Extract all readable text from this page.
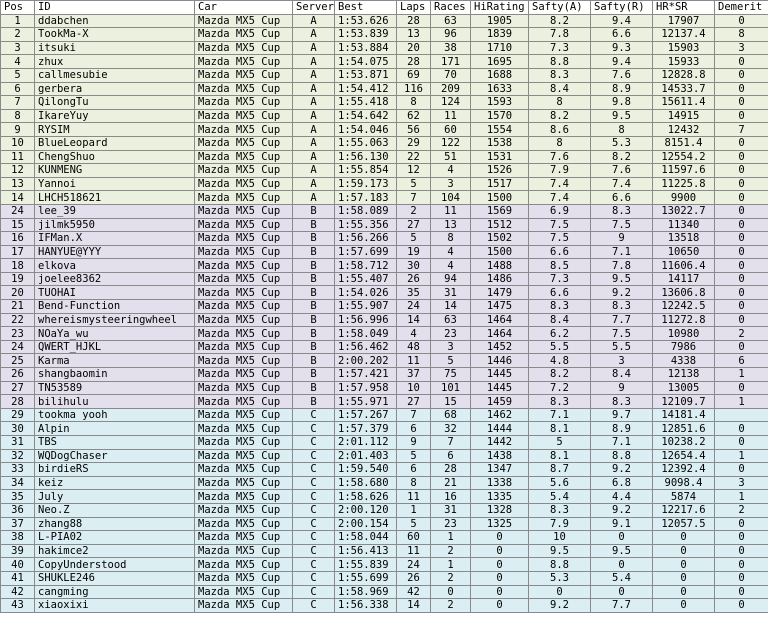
Pos	ID	Car	Server	Best	Laps	Races	HiRating	Safty(A)	Safty(R)	HR*SR	Demerit
1	ddabchen	Mazda MX5 Cup	A	1:53.626	28	63	1905	8.2	9.4	17907	0
2	TookMa-X	Mazda MX5 Cup	A	1:53.839	13	96	1839	7.8	6.6	12137.4	8
3	itsuki	Mazda MX5 Cup	A	1:53.884	20	38	1710	7.3	9.3	15903	3
4	zhux	Mazda MX5 Cup	A	1:54.075	28	171	1695	8.8	9.4	15933	0
5	callmesubie	Mazda MX5 Cup	A	1:53.871	69	70	1688	8.3	7.6	12828.8	0
6	gerbera	Mazda MX5 Cup	A	1:54.412	116	209	1633	8.4	8.9	14533.7	0
7	QilongTu	Mazda MX5 Cup	A	1:55.418	8	124	1593	8	9.8	15611.4	0
8	IkareYuy	Mazda MX5 Cup	A	1:54.642	62	11	1570	8.2	9.5	14915	0
9	RYSIM	Mazda MX5 Cup	A	1:54.046	56	60	1554	8.6	8	12432	7
10	BlueLeopard	Mazda MX5 Cup	A	1:55.063	29	122	1538	8	5.3	8151.4	0
11	ChengShuo	Mazda MX5 Cup	A	1:56.130	22	51	1531	7.6	8.2	12554.2	0
12	KUNMENG	Mazda MX5 Cup	A	1:55.854	12	4	1526	7.9	7.6	11597.6	0
13	Yannoi	Mazda MX5 Cup	A	1:59.173	5	3	1517	7.4	7.4	11225.8	0
14	LHCH518621	Mazda MX5 Cup	A	1:57.183	7	104	1500	7.4	6.6	9900	0
24	lee_39	Mazda MX5 Cup	B	1:58.089	2	11	1569	6.9	8.3	13022.7	0
15	jilmk5950	Mazda MX5 Cup	B	1:55.356	27	13	1512	7.5	7.5	11340	0
16	IFMan.X	Mazda MX5 Cup	B	1:56.266	5	8	1502	7.5	9	13518	0
17	HANYUE@YYY	Mazda MX5 Cup	B	1:57.699	19	4	1500	6.6	7.1	10650	0
18	elkova	Mazda MX5 Cup	B	1:58.712	30	4	1488	8.5	7.8	11606.4	0
19	joelee8362	Mazda MX5 Cup	B	1:55.407	26	94	1486	7.3	9.5	14117	0
20	TUOHAI	Mazda MX5 Cup	B	1:54.026	35	31	1479	6.6	9.2	13606.8	0
21	Bend-Function	Mazda MX5 Cup	B	1:55.907	24	14	1475	8.3	8.3	12242.5	0
22	whereismysteeringwheel	Mazda MX5 Cup	B	1:56.996	14	63	1464	8.4	7.7	11272.8	0
23	NOaYa_wu	Mazda MX5 Cup	B	1:58.049	4	23	1464	6.2	7.5	10980	2
24	QWERT_HJKL	Mazda MX5 Cup	B	1:56.462	48	3	1452	5.5	5.5	7986	0
25	Karma	Mazda MX5 Cup	B	2:00.202	11	5	1446	4.8	3	4338	6
26	shangbaomin	Mazda MX5 Cup	B	1:57.421	37	75	1445	8.2	8.4	12138	1
27	TN53589	Mazda MX5 Cup	B	1:57.958	10	101	1445	7.2	9	13005	0
28	bilihulu	Mazda MX5 Cup	B	1:55.971	27	15	1459	8.3	8.3	12109.7	1
29	tookma yooh	Mazda MX5 Cup	C	1:57.267	7	68	1462	7.1	9.7	14181.4	
30	Alpin	Mazda MX5 Cup	C	1:57.379	6	32	1444	8.1	8.9	12851.6	0
31	TBS	Mazda MX5 Cup	C	2:01.112	9	7	1442	5	7.1	10238.2	0
32	WQDogChaser	Mazda MX5 Cup	C	2:01.403	5	6	1438	8.1	8.8	12654.4	1
33	birdieRS	Mazda MX5 Cup	C	1:59.540	6	28	1347	8.7	9.2	12392.4	0
34	keiz	Mazda MX5 Cup	C	1:58.680	8	21	1338	5.6	6.8	9098.4	3
35	July	Mazda MX5 Cup	C	1:58.626	11	16	1335	5.4	4.4	5874	1
36	Neo.Z	Mazda MX5 Cup	C	2:00.120	1	31	1328	8.3	9.2	12217.6	2
37	zhang88	Mazda MX5 Cup	C	2:00.154	5	23	1325	7.9	9.1	12057.5	0
38	L-PIA02	Mazda MX5 Cup	C	1:58.044	60	1	0	10	0	0	0
39	hakimce2	Mazda MX5 Cup	C	1:56.413	11	2	0	9.5	9.5	0	0
40	CopyUnderstood	Mazda MX5 Cup	C	1:55.839	24	1	0	8.8	0	0	0
41	SHUKLE246	Mazda MX5 Cup	C	1:55.699	26	2	0	5.3	5.4	0	0
42	cangming	Mazda MX5 Cup	C	1:58.969	42	0	0	0	0	0	0
43	xiaoxixi	Mazda MX5 Cup	C	1:56.338	14	2	0	9.2	7.7	0	0
